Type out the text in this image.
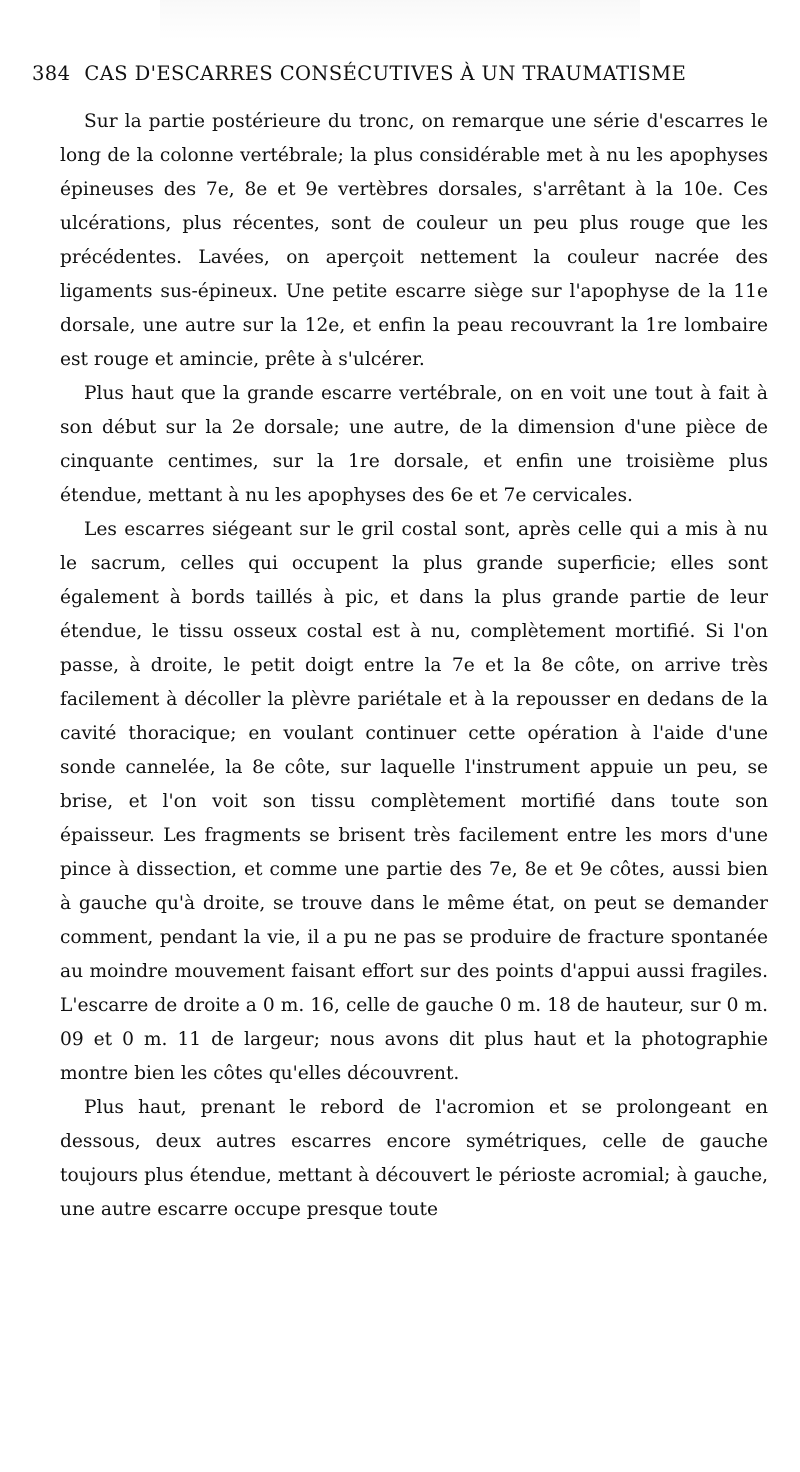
384 CAS D'ESCARRES CONSÉCUTIVES À UN TRAUMATISME

Sur la partie postérieure du tronc, on remarque une série d'escarres le long de la colonne vertébrale; la plus considérable met à nu les apophyses épineuses des 7e, 8e et 9e vertèbres dorsales, s'arrêtant à la 10e. Ces ulcérations, plus récentes, sont de couleur un peu plus rouge que les précédentes. Lavées, on aperçoit nettement la couleur nacrée des ligaments sus-épineux. Une petite escarre siège sur l'apophyse de la 11e dorsale, une autre sur la 12e, et enfin la peau recouvrant la 1re lombaire est rouge et amincie, prête à s'ulcérer.

Plus haut que la grande escarre vertébrale, on en voit une tout à fait à son début sur la 2e dorsale; une autre, de la dimension d'une pièce de cinquante centimes, sur la 1re dorsale, et enfin une troisième plus étendue, mettant à nu les apophyses des 6e et 7e cervicales.

Les escarres siégeant sur le gril costal sont, après celle qui a mis à nu le sacrum, celles qui occupent la plus grande superficie; elles sont également à bords taillés à pic, et dans la plus grande partie de leur étendue, le tissu osseux costal est à nu, complètement mortifié. Si l'on passe, à droite, le petit doigt entre la 7e et la 8e côte, on arrive très facilement à décoller la plèvre pariétale et à la repousser en dedans de la cavité thoracique; en voulant continuer cette opération à l'aide d'une sonde cannelée, la 8e côte, sur laquelle l'instrument appuie un peu, se brise, et l'on voit son tissu complètement mortifié dans toute son épaisseur. Les fragments se brisent très facilement entre les mors d'une pince à dissection, et comme une partie des 7e, 8e et 9e côtes, aussi bien à gauche qu'à droite, se trouve dans le même état, on peut se demander comment, pendant la vie, il a pu ne pas se produire de fracture spontanée au moindre mouvement faisant effort sur des points d'appui aussi fragiles. L'escarre de droite a 0 m. 16, celle de gauche 0 m. 18 de hauteur, sur 0 m. 09 et 0 m. 11 de largeur; nous avons dit plus haut et la photographie montre bien les côtes qu'elles découvrent.

Plus haut, prenant le rebord de l'acromion et se prolongeant en dessous, deux autres escarres encore symétriques, celle de gauche toujours plus étendue, mettant à découvert le périoste acromial; à gauche, une autre escarre occupe presque toute
